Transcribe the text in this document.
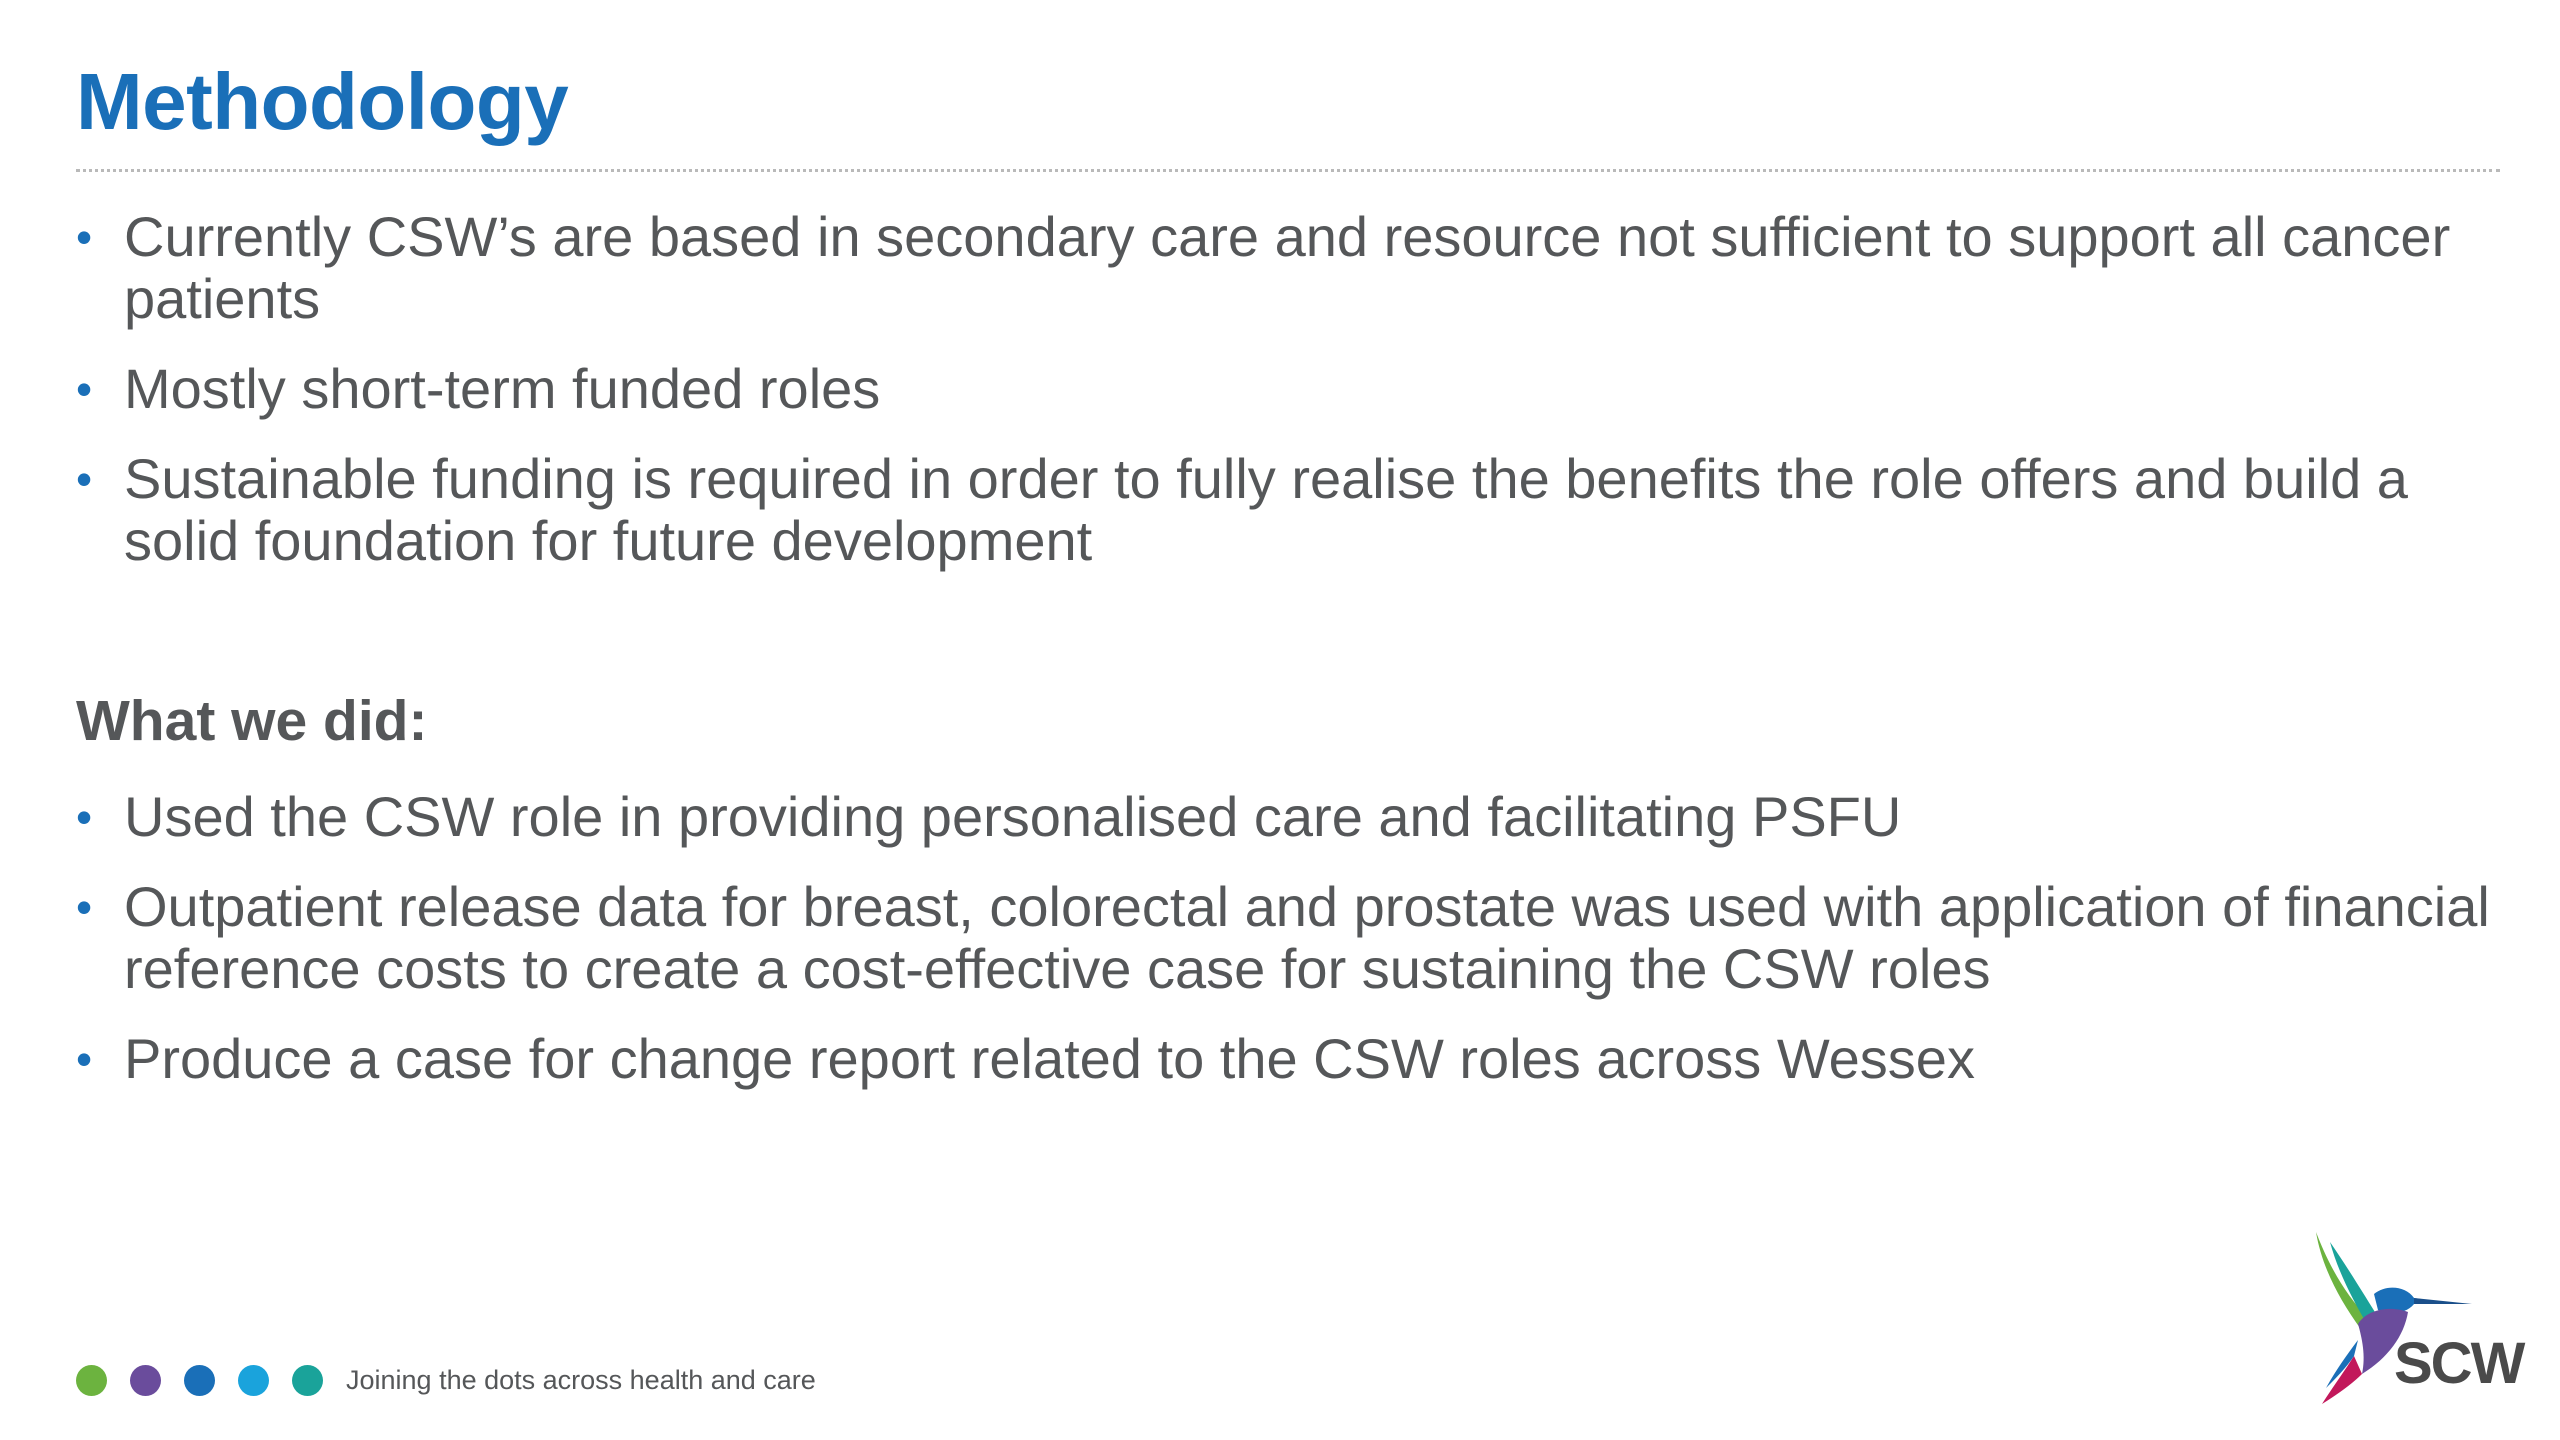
Methodology
• Currently CSW’s are based in secondary care and resource not sufficient to support all cancer patients
• Mostly short-term funded roles
• Sustainable funding is required in order to fully realise the benefits the role offers and build a solid foundation for future development
What we did:
• Used the CSW role in providing personalised care and facilitating PSFU
• Outpatient release data for breast, colorectal and prostate was used with application of financial reference costs to create a cost-effective case for sustaining the CSW roles
• Produce a case for change report related to the CSW roles across Wessex
Joining the dots across health and care	SCW
